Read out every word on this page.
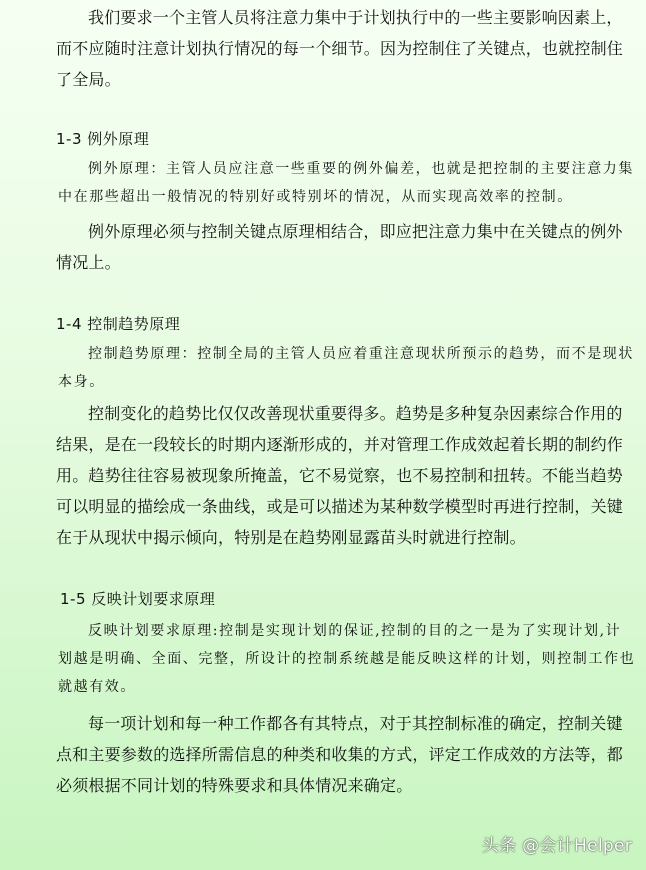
我们要求一个主管人员将注意力集中于计划执行中的一些主要影响因素上，而不应随时注意计划执行情况的每一个细节。因为控制住了关键点，也就控制住了全局。

1-3 例外原理

例外原理：主管人员应注意一些重要的例外偏差，也就是把控制的主要注意力集中在那些超出一般情况的特别好或特别坏的情况，从而实现高效率的控制。

例外原理必须与控制关键点原理相结合，即应把注意力集中在关键点的例外情况上。

1-4 控制趋势原理

控制趋势原理：控制全局的主管人员应着重注意现状所预示的趋势，而不是现状本身。

控制变化的趋势比仅仅改善现状重要得多。趋势是多种复杂因素综合作用的结果，是在一段较长的时期内逐渐形成的，并对管理工作成效起着长期的制约作用。趋势往往容易被现象所掩盖，它不易觉察，也不易控制和扭转。不能当趋势可以明显的描绘成一条曲线，或是可以描述为某种数学模型时再进行控制，关键在于从现状中揭示倾向，特别是在趋势刚显露苗头时就进行控制。

1-5 反映计划要求原理

反映计划要求原理:控制是实现计划的保证,控制的目的之一是为了实现计划,计划越是明确、全面、完整，所设计的控制系统越是能反映这样的计划，则控制工作也就越有效。

每一项计划和每一种工作都各有其特点，对于其控制标准的确定，控制关键点和主要参数的选择所需信息的种类和收集的方式，评定工作成效的方法等，都必须根据不同计划的特殊要求和具体情况来确定。

头条 @会计Helper
